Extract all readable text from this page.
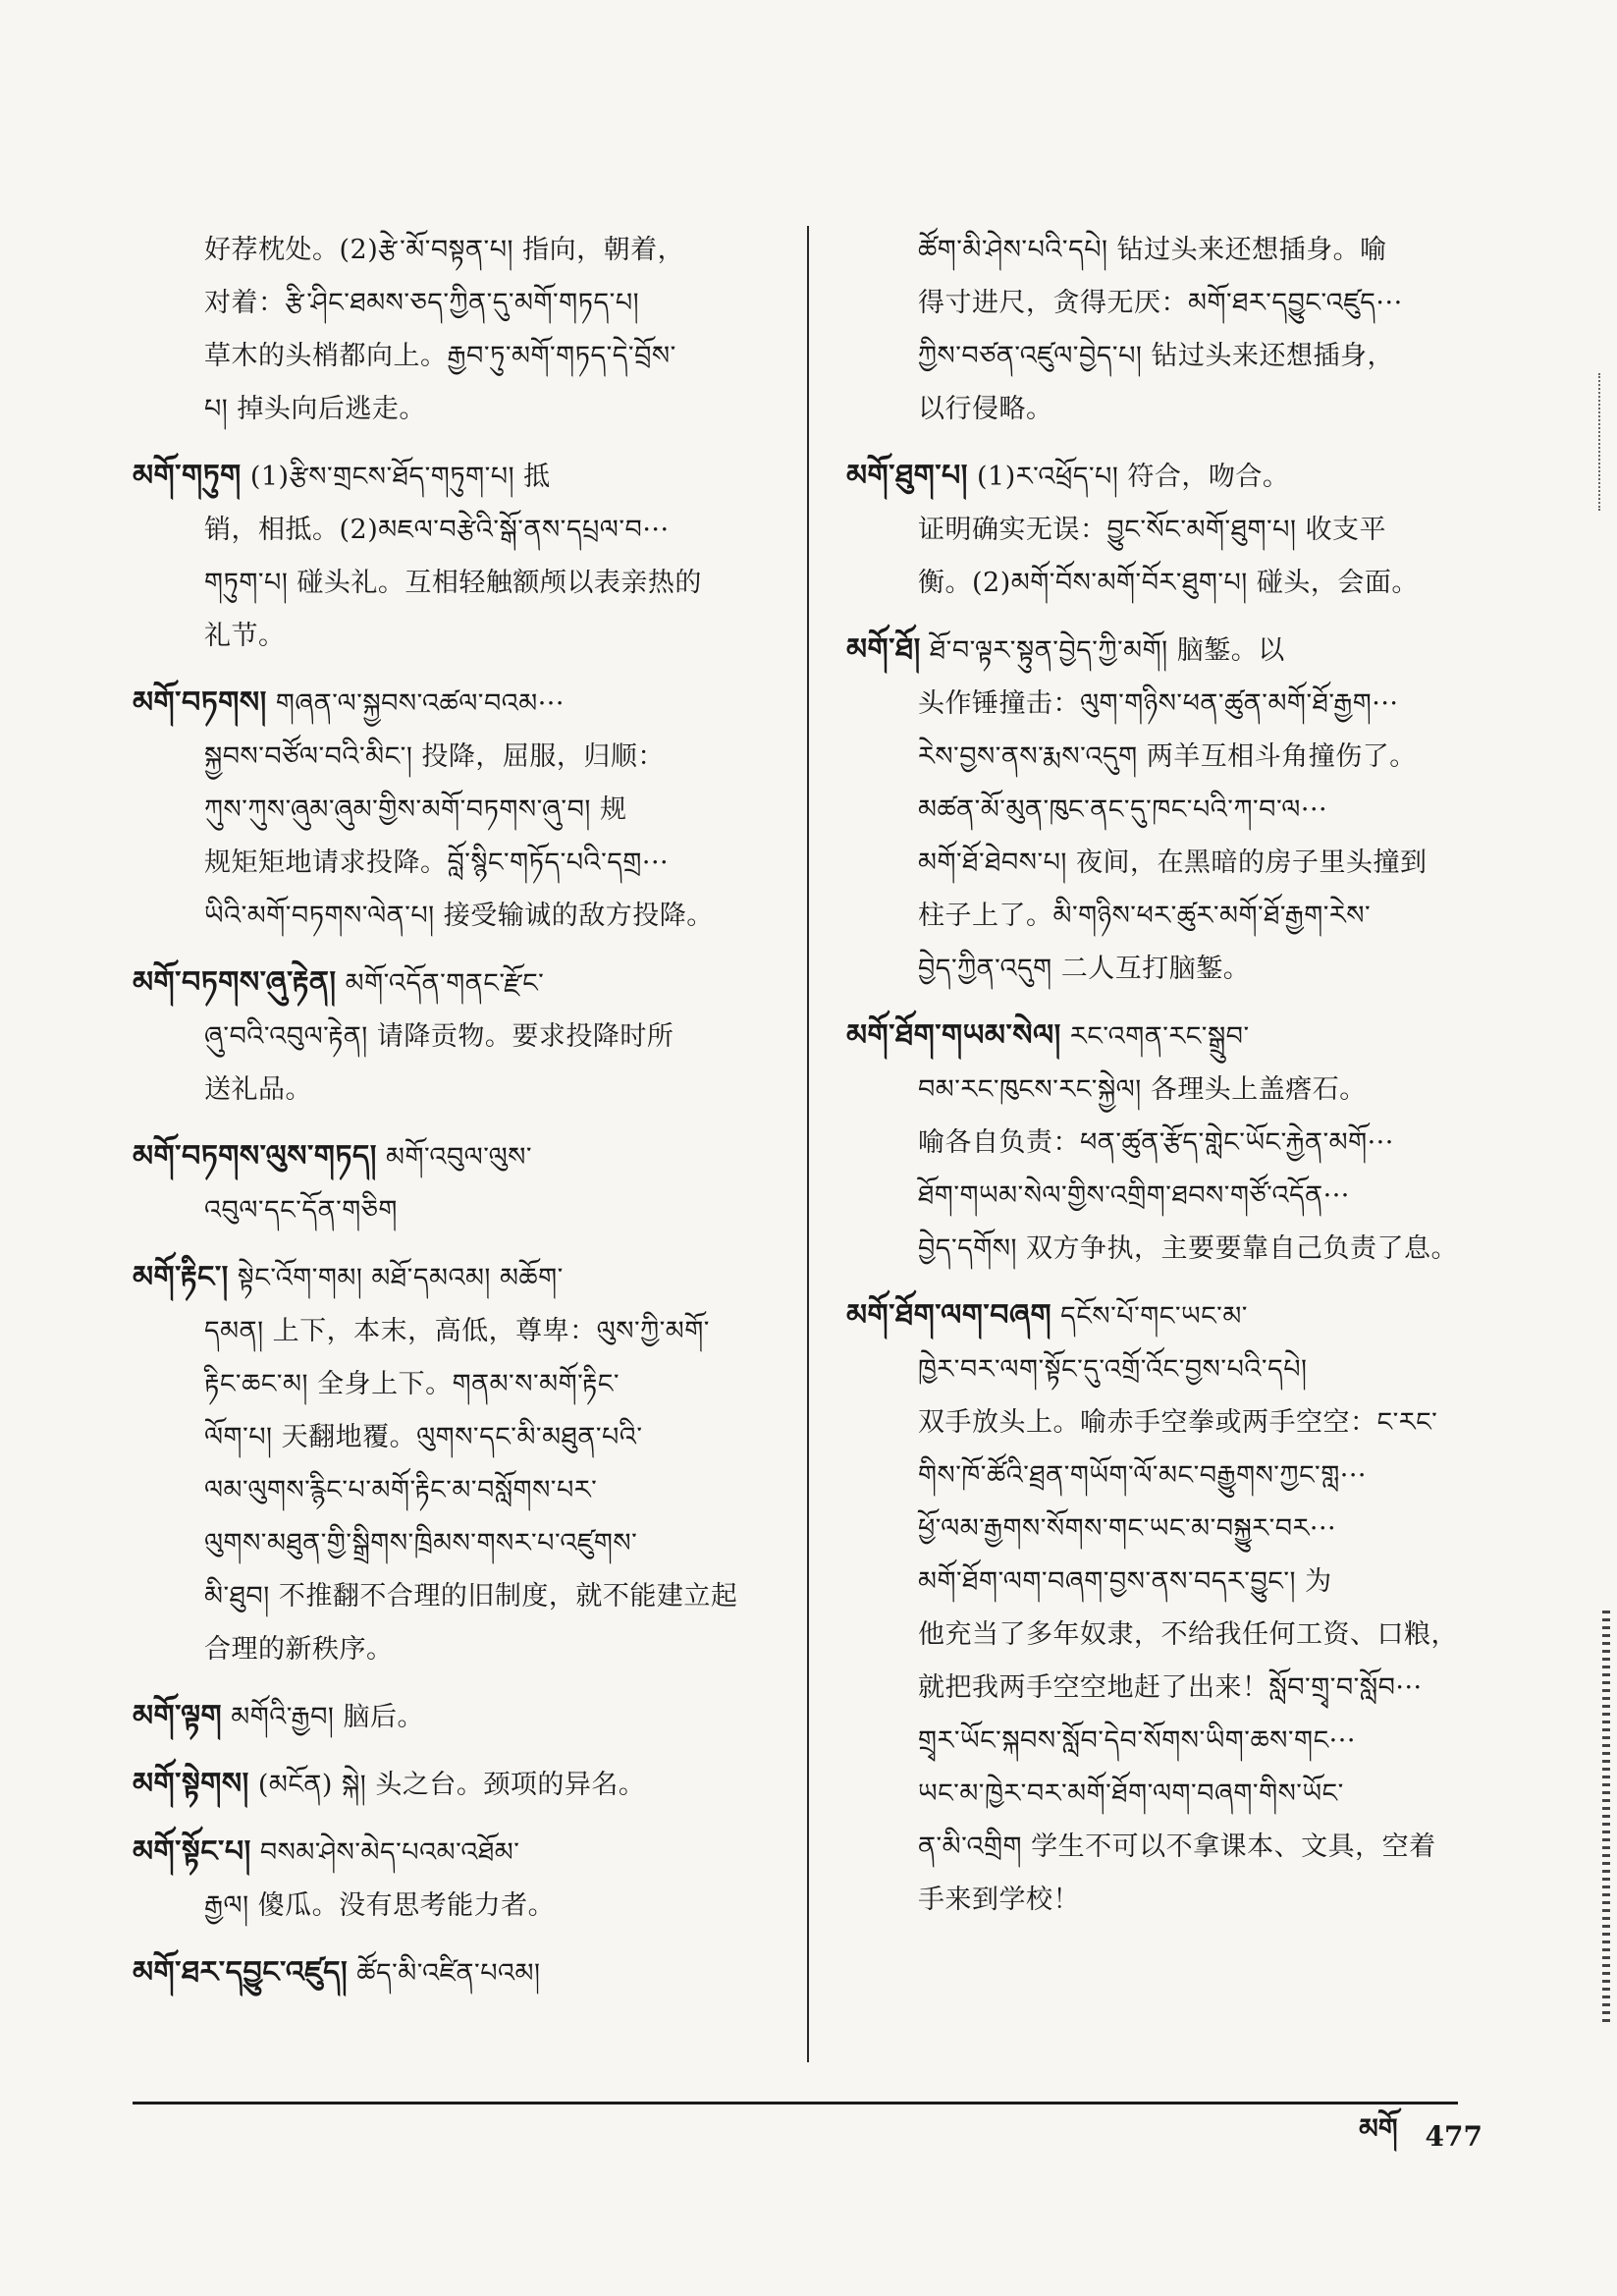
好荐枕处。(2)རྩེ་མོ་བསྟན་པ། 指向，朝着，
对着：རྩི་ཤིང་ཐམས་ཅད་ཀྱིན་དུ་མགོ་གཏད་པ།
草木的头梢都向上。རྒྱབ་ཏུ་མགོ་གཏད་དེ་བྲོས་
པ། 掉头向后逃走。
མགོ་གཏུག (1)རྩིས་གྲངས་ཐོད་གཏུག་པ། 抵
销，相抵。(2)མཇལ་བརྩེའི་སྒོ་ནས་དཔྲལ་བ···
གཏུག་པ། 碰头礼。互相轻触额颅以表亲热的
礼节。
མགོ་བཏགས། གཞན་ལ་སྐྱབས་འཚལ་བའམ···
སྐྱབས་བཙོལ་བའི་མིང་། 投降，屈服，归顺：
ཀུས་ཀུས་ཞུམ་ཞུམ་གྱིས་མགོ་བཏགས་ཞུ་བ། 规
规矩矩地请求投降。བློ་སྙིང་གཏོད་པའི་དགྲ···
ཡིའི་མགོ་བཏགས་ལེན་པ། 接受输诚的敌方投降。
མགོ་བཏགས་ཞུ་རྟེན། མགོ་འདོན་གནང་རྫོང་
ཞུ་བའི་འབུལ་རྟེན། 请降贡物。要求投降时所
送礼品。
མགོ་བཏགས་ལུས་གཏད། མགོ་འབུལ་ལུས་
འབུལ་དང་དོན་གཅིག
མགོ་རྟིང་། སྟེང་འོག་གམ། མཐོ་དམའམ། མཆོག་
དམན། 上下，本末，高低，尊卑：ལུས་ཀྱི་མགོ་
རྟིང་ཆང་མ། 全身上下。གནམ་ས་མགོ་རྟིང་
ལོག་པ། 天翻地覆。ལུགས་དང་མི་མཐུན་པའི་
ལམ་ལུགས་རྙིང་པ་མགོ་རྟིང་མ་བསློགས་པར་
ལུགས་མཐུན་གྱི་སྒྲིགས་ཁྲིམས་གསར་པ་འཛུགས་
མི་ཐུབ། 不推翻不合理的旧制度，就不能建立起
合理的新秩序。
མགོ་ལྟག མགོའི་རྒྱབ། 脑后。
མགོ་སྟེགས། (མངོན) སྐེ། 头之台。颈项的异名。
མགོ་སྟོང་པ། བསམ་ཤེས་མེད་པའམ་འཐོམ་
རྒྱལ། 傻瓜。没有思考能力者。
མགོ་ཐར་དབྱུང་འཛུད། ཚོད་མི་འཛིན་པའམ།
ཚོག་མི་ཤེས་པའི་དཔེ། 钻过头来还想插身。喻
得寸进尺，贪得无厌：མགོ་ཐར་དབྱུང་འཛུད···
ཀྱིས་བཙན་འཛུལ་བྱེད་པ། 钻过头来还想插身，
以行侵略。
མགོ་ཐུག་པ། (1)ར་འཕྲོད་པ། 符合，吻合。
证明确实无误：བྱུང་སོང་མགོ་ཐུག་པ། 收支平
衡。(2)མགོ་བོས་མགོ་བོར་ཐུག་པ། 碰头，会面。
མགོ་ཐོ། ཐོ་བ་ལྟར་སྟུན་བྱེད་ཀྱི་མགོ། 脑錾。以
头作锤撞击：ལུག་གཉིས་ཕན་ཚུན་མགོ་ཐོ་རྒྱག···
རེས་བྱས་ནས་རྨས་འདུག 两羊互相斗角撞伤了。
མཚན་མོ་མུན་ཁུང་ནང་དུ་ཁང་པའི་ཀ་བ་ལ···
མགོ་ཐོ་ཐེབས་པ། 夜间，在黑暗的房子里头撞到
柱子上了。མི་གཉིས་ཕར་ཚུར་མགོ་ཐོ་རྒྱག་རེས་
བྱེད་ཀྱིན་འདུག 二人互打脑錾。
མགོ་ཐོག་གཡམ་སེལ། རང་འགན་རང་སྒྲུབ་
བམ་རང་ཁུངས་རང་སྐྱེལ། 各理头上盖瘩石。
喻各自负责：ཕན་ཚུན་རྩོད་གླེང་ཡོང་རྐྱེན་མགོ···
ཐོག་གཡམ་སེལ་གྱིས་འགྲིག་ཐབས་གཙོ་འདོན···
བྱེད་དགོས། 双方争执，主要要靠自己负责了息。
མགོ་ཐོག་ལག་བཞག དངོས་པོ་གང་ཡང་མ་
ཁྱེར་བར་ལག་སྟོང་དུ་འགྲོ་འོང་བྱས་པའི་དཔེ།
双手放头上。喻赤手空拳或两手空空：ང་རང་
གིས་ཁོ་ཚོའི་ཐྲན་གཡོག་ལོ་མང་བརྒྱུགས་ཀྱང་གླ···
ཕྱོ་ལམ་རྒྱགས་སོགས་གང་ཡང་མ་བསྐྱུར་བར···
མགོ་ཐོག་ལག་བཞག་བྱས་ནས་བདར་བྱུང་། 为
他充当了多年奴隶，不给我任何工资、口粮，
就把我两手空空地赶了出来！སློབ་གྲྭ་བ་སློབ···
གྲྭར་ཡོང་སྐབས་སློབ་དེབ་སོགས་ཡིག་ཆས་གང···
ཡང་མ་ཁྱེར་བར་མགོ་ཐོག་ལག་བཞག་གིས་ཡོང་
ན་མི་འགྲིག 学生不可以不拿课本、文具，空着
手来到学校！
མགོ 477
